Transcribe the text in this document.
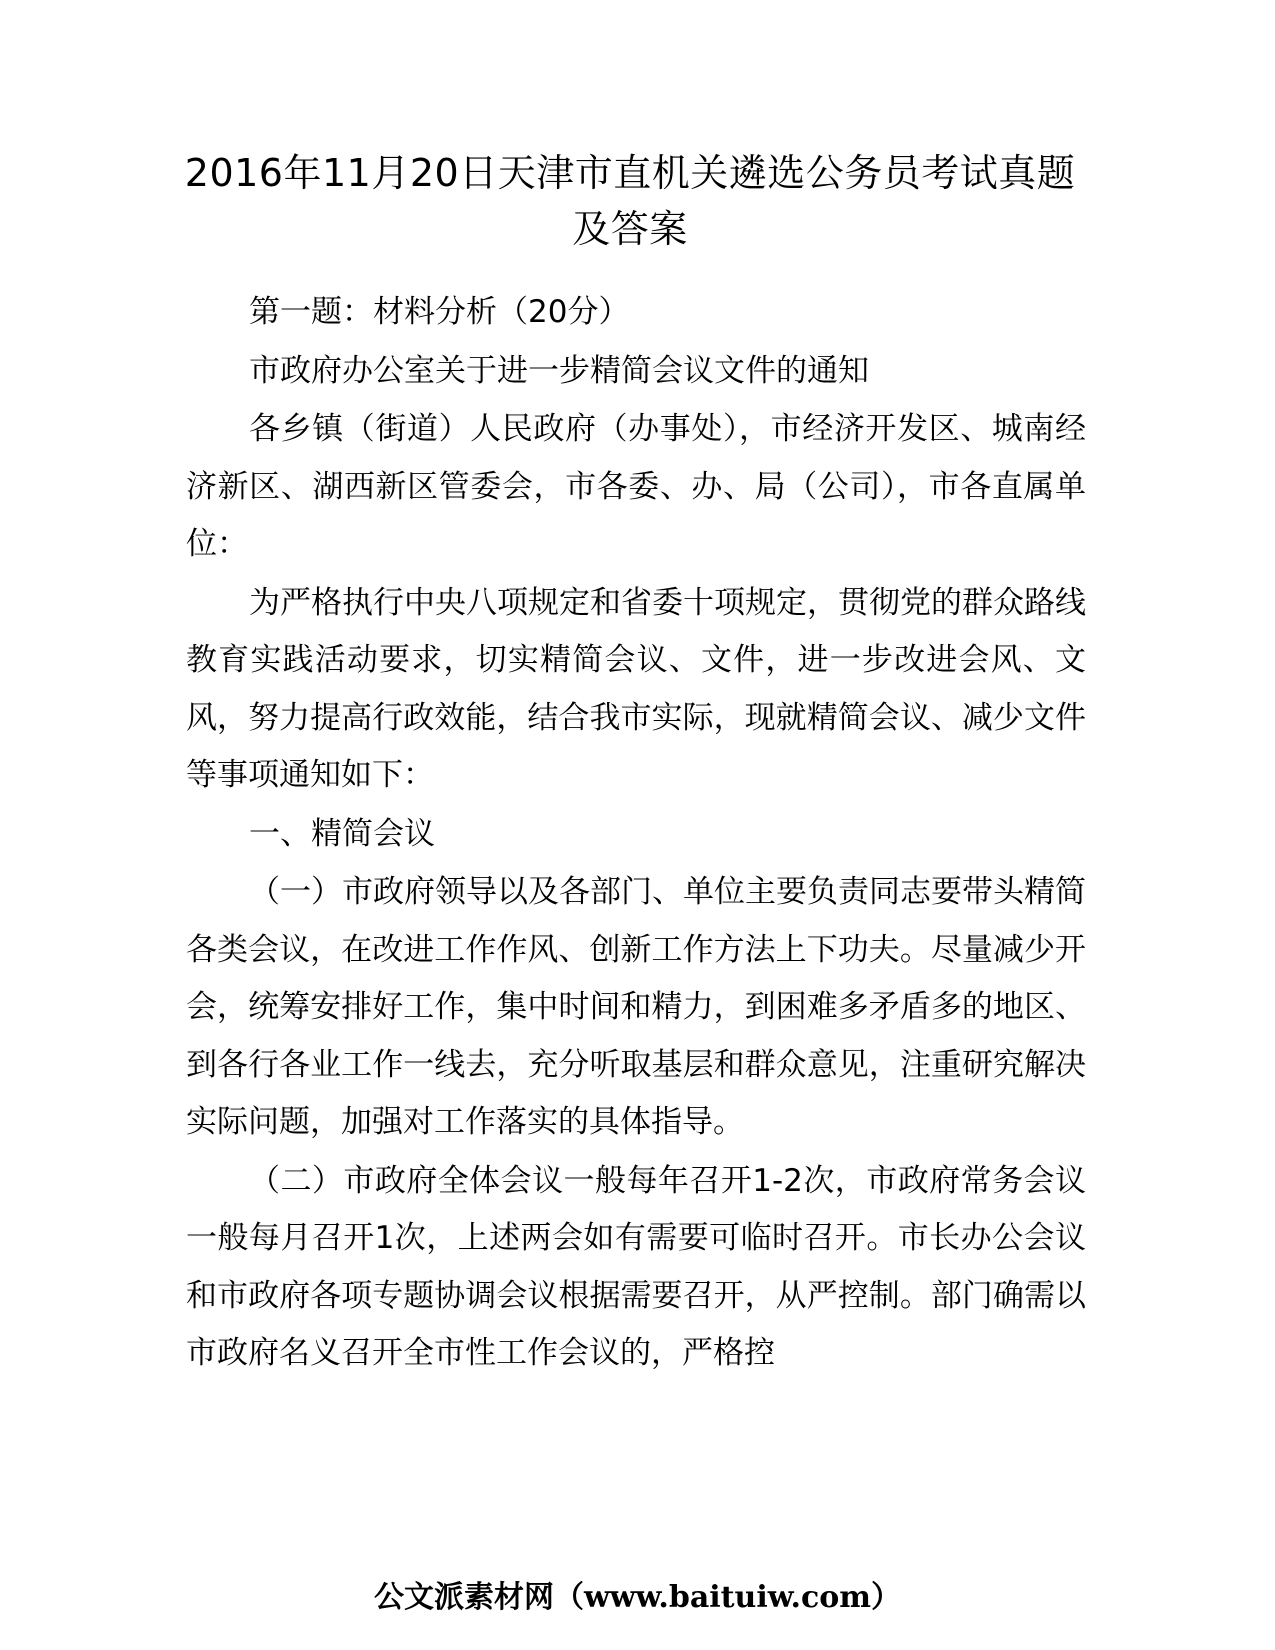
2016年11月20日天津市直机关遴选公务员考试真题及答案

第一题：材料分析（20分）

市政府办公室关于进一步精简会议文件的通知

各乡镇（街道）人民政府（办事处），市经济开发区、城南经济新区、湖西新区管委会，市各委、办、局（公司），市各直属单位：

为严格执行中央八项规定和省委十项规定，贯彻党的群众路线教育实践活动要求，切实精简会议、文件，进一步改进会风、文风，努力提高行政效能，结合我市实际，现就精简会议、减少文件等事项通知如下：

一、精简会议

（一）市政府领导以及各部门、单位主要负责同志要带头精简各类会议，在改进工作作风、创新工作方法上下功夫。尽量减少开会，统筹安排好工作，集中时间和精力，到困难多矛盾多的地区、到各行各业工作一线去，充分听取基层和群众意见，注重研究解决实际问题，加强对工作落实的具体指导。

（二）市政府全体会议一般每年召开1-2次，市政府常务会议一般每月召开1次，上述两会如有需要可临时召开。市长办公会议和市政府各项专题协调会议根据需要召开，从严控制。部门确需以市政府名义召开全市性工作会议的，严格控

公文派素材网（www.baituiw.com）
